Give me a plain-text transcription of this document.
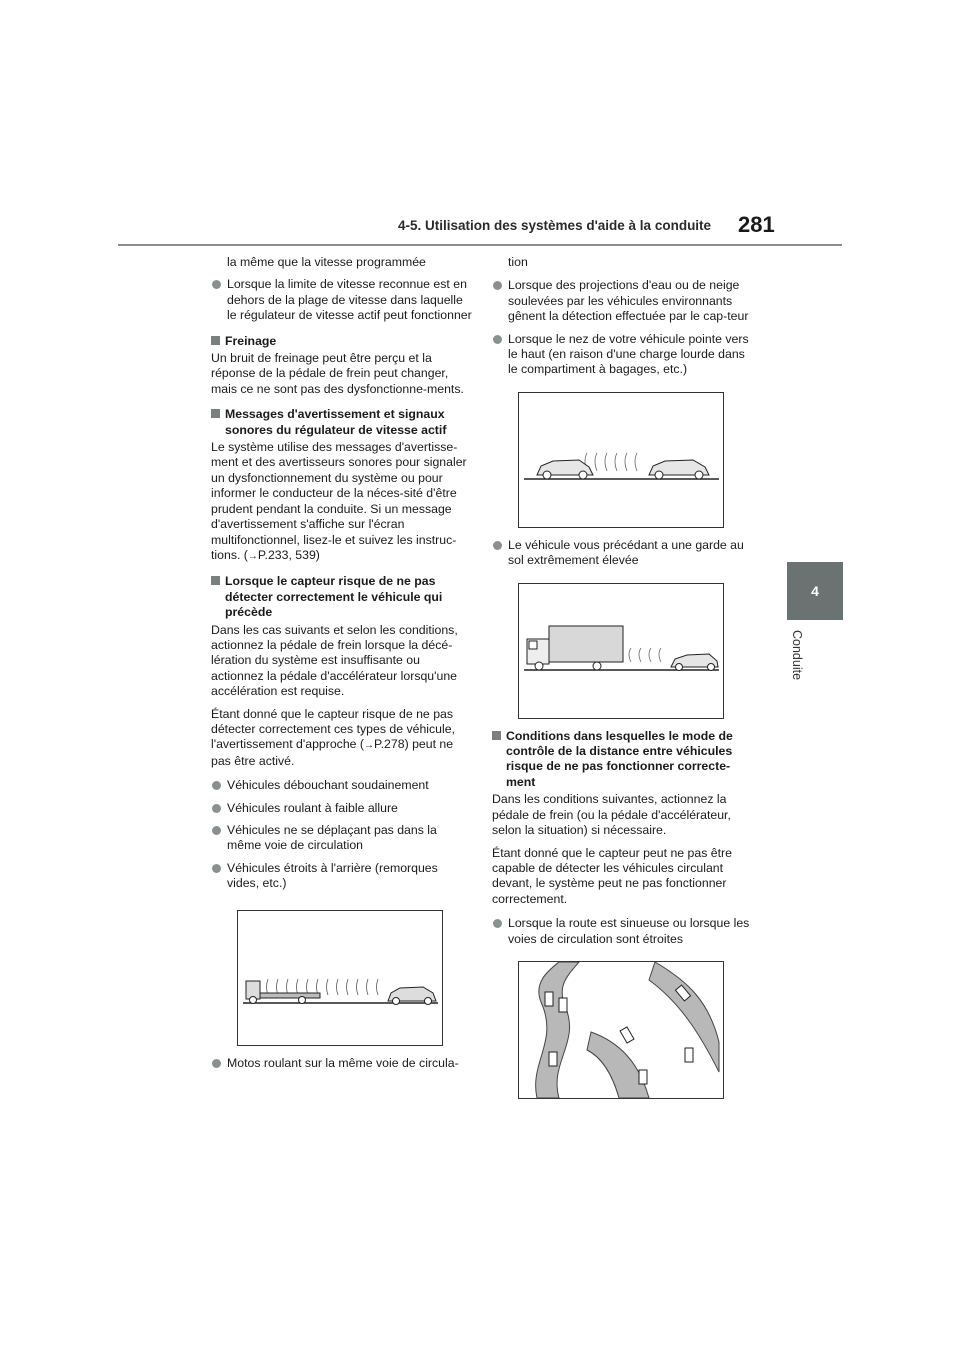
4-5. Utilisation des systèmes d'aide à la conduite 281
4
Conduite

la même que la vitesse programmée

Lorsque la limite de vitesse reconnue est en dehors de la plage de vitesse dans laquelle le régulateur de vitesse actif peut fonctionner
Freinage

Un bruit de freinage peut être perçu et la réponse de la pédale de frein peut changer, mais ce ne sont pas des dysfonctionne-ments.

Messages d'avertissement et signaux sonores du régulateur de vitesse actif

Le système utilise des messages d'avertisse-ment et des avertisseurs sonores pour signaler un dysfonctionnement du système ou pour informer le conducteur de la néces-sité d'être prudent pendant la conduite. Si un message d'avertissement s'affiche sur l'écran multifonctionnel, lisez-le et suivez les instruc-tions. (→P.233, 539)

Lorsque le capteur risque de ne pas détecter correctement le véhicule qui précède

Dans les cas suivants et selon les conditions, actionnez la pédale de frein lorsque la décé-lération du système est insuffisante ou actionnez la pédale d'accélérateur lorsqu'une accélération est requise.

Étant donné que le capteur risque de ne pas détecter correctement ces types de véhicule, l'avertissement d'approche (→P.278) peut ne pas être activé.

Véhicules débouchant soudainement
Véhicules roulant à faible allure
Véhicules ne se déplaçant pas dans la même voie de circulation
Véhicules étroits à l'arrière (remorques vides, etc.)
Motos roulant sur la même voie de circula-

tion

Lorsque des projections d'eau ou de neige soulevées par les véhicules environnants gênent la détection effectuée par le cap-teur
Lorsque le nez de votre véhicule pointe vers le haut (en raison d'une charge lourde dans le compartiment à bagages, etc.)
Le véhicule vous précédant a une garde au sol extrêmement élevée
Conditions dans lesquelles le mode de contrôle de la distance entre véhicules risque de ne pas fonctionner correcte-ment

Dans les conditions suivantes, actionnez la pédale de frein (ou la pédale d'accélérateur, selon la situation) si nécessaire.

Étant donné que le capteur peut ne pas être capable de détecter les véhicules circulant devant, le système peut ne pas fonctionner correctement.

Lorsque la route est sinueuse ou lorsque les voies de circulation sont étroites
